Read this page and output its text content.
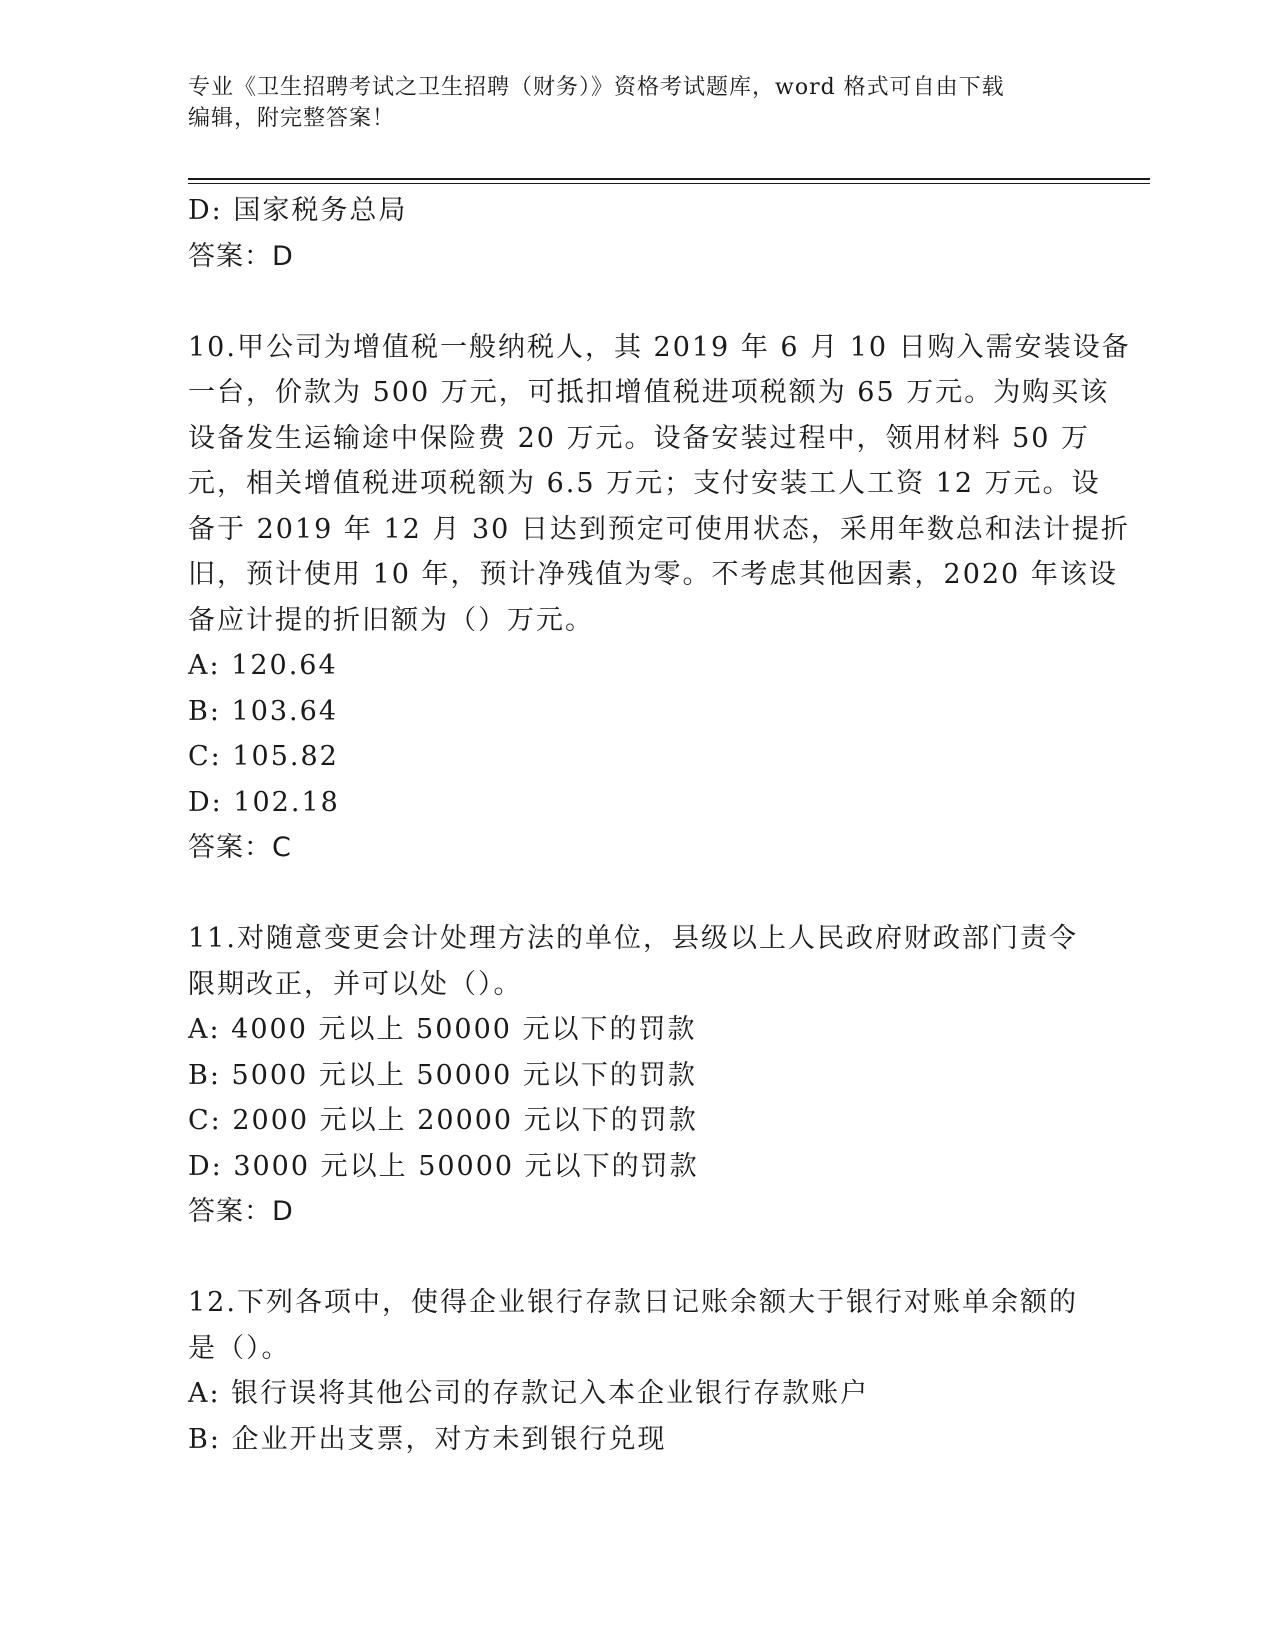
专业《卫生招聘考试之卫生招聘（财务）》资格考试题库，word 格式可自由下载
编辑，附完整答案！
D: 国家税务总局
答案：D
10.甲公司为增值税一般纳税人，其 2019 年 6 月 10 日购入需安装设备
一台，价款为 500 万元，可抵扣增值税进项税额为 65 万元。为购买该
设备发生运输途中保险费 20 万元。设备安装过程中，领用材料 50 万
元，相关增值税进项税额为 6.5 万元；支付安装工人工资 12 万元。设
备于 2019 年 12 月 30 日达到预定可使用状态，采用年数总和法计提折
旧，预计使用 10 年，预计净残值为零。不考虑其他因素，2020 年该设
备应计提的折旧额为（）万元。
A: 120.64
B: 103.64
C: 105.82
D: 102.18
答案：C
11.对随意变更会计处理方法的单位，县级以上人民政府财政部门责令
限期改正，并可以处（）。
A: 4000 元以上 50000 元以下的罚款
B: 5000 元以上 50000 元以下的罚款
C: 2000 元以上 20000 元以下的罚款
D: 3000 元以上 50000 元以下的罚款
答案：D
12.下列各项中，使得企业银行存款日记账余额大于银行对账单余额的
是（）。
A: 银行误将其他公司的存款记入本企业银行存款账户
B: 企业开出支票，对方未到银行兑现
